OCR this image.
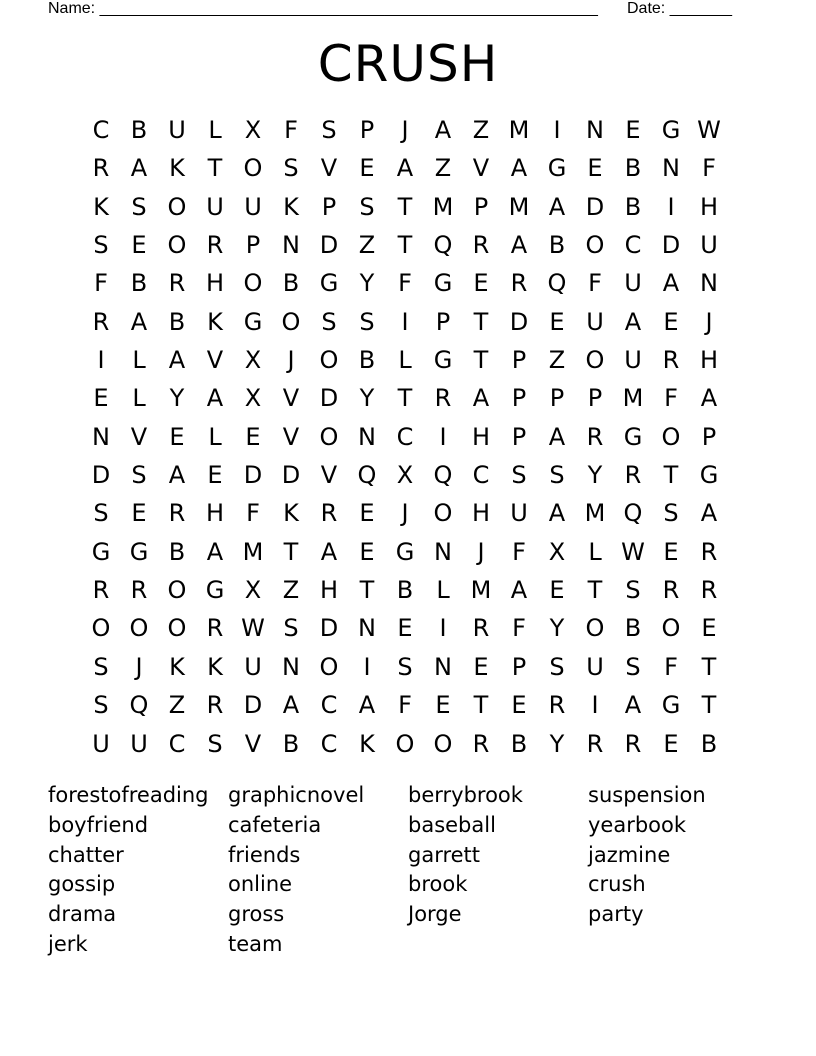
Name: ________________________________________________________ Date: _______
CRUSH
C B U L X F S P	J	A Z M	I	N E G W
R A K T O S V E A Z V A G E B N F
K S O U U K P S T M P M A D B	I	H
S E O R P N D Z T Q R A B O C D U
F B R H O B G Y F G E R Q F U A N
R A B K G O S S	I	P T D E U A E	J
I	L A V X	J	O B L G T P Z O U R H
E L Y A X V D Y T R A P P P M F A
N V E L E V O N C	I	H P A R G O P
D S A E D D V Q X Q C S S Y R T G
S E R H F K R E	J	O H U A M Q S A
G G B A M T A E G N	J	F X L W E R
R R O G X Z H T B L M A E T S R R
O O O R W S D N E	I	R F Y O B O E
S	J	K K U N O	I	S N E P S U S F T
S Q Z R D A C A F E T E R	I	A G T
U U C S V B C K O O R B Y R R E B
forestofreading graphicnovel	berrybrook	suspension
boyfriend	cafeteria	baseball	yearbook
chatter	friends	garrett	jazmine
gossip	online	brook	crush
drama	gross	Jorge	party
jerk	team
